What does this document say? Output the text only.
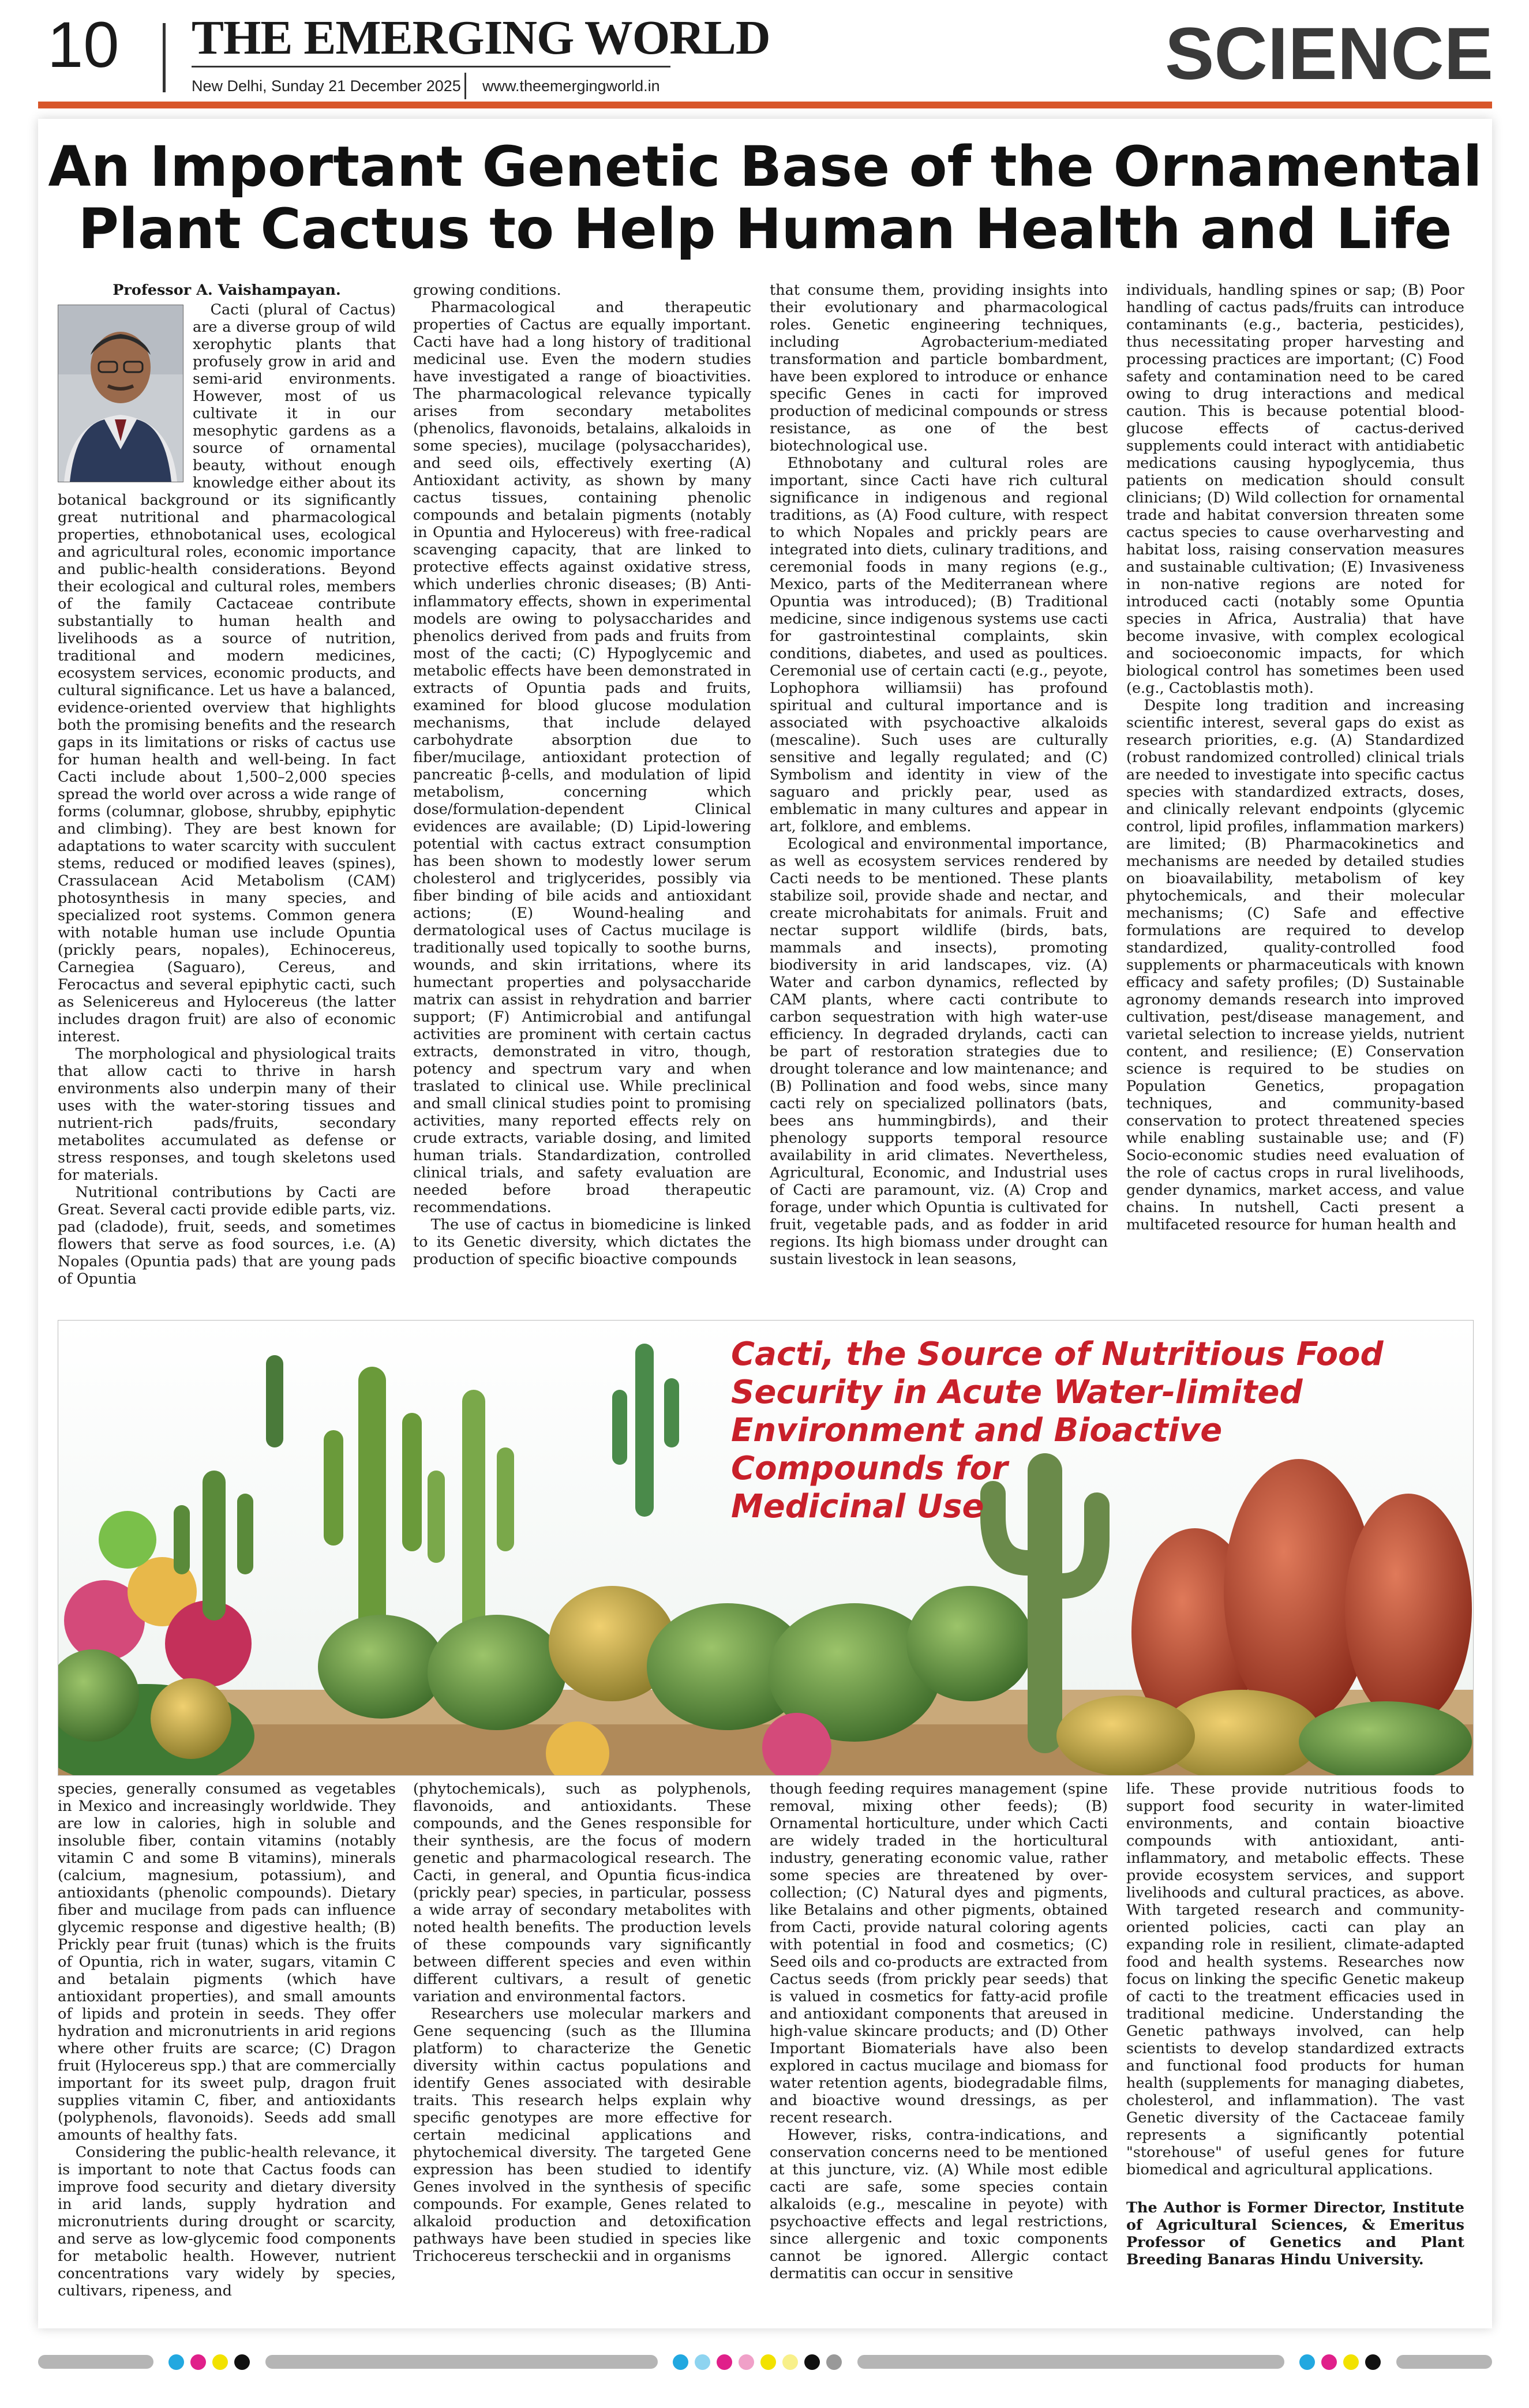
10 THE EMERGING WORLD
New Delhi, Sunday 21 December 2025 www.theemergingworld.in	SCIENCE
An Important Genetic Base of the Ornamental
Plant Cactus to Help Human Health and Life

Professor A. Vaishampayan.

Cacti (plural of Cactus) are a diverse group of wild xerophytic plants that profusely grow in arid and semi-arid environments. However, most of us cultivate it in our mesophytic gardens as a source of ornamental beauty, without enough knowledge either about its botanical background or its significantly great nutritional and pharmacological properties, ethnobotanical uses, ecological and agricultural roles, economic importance and public-health considerations. Beyond their ecological and cultural roles, members of the family Cactaceae contribute substantially to human health and livelihoods as a source of nutrition, traditional and modern medicines, ecosystem services, economic products, and cultural significance. Let us have a balanced, evidence-oriented overview that highlights both the promising benefits and the research gaps in its limitations or risks of cactus use for human health and well-being. In fact Cacti include about 1,500–2,000 species spread the world over across a wide range of forms (columnar, globose, shrubby, epiphytic and climbing). They are best known for adaptations to water scarcity with succulent stems, reduced or modified leaves (spines), Crassulacean Acid Metabolism (CAM) photosynthesis in many species, and specialized root systems. Common genera with notable human use include Opuntia (prickly pears, nopales), Echinocereus, Carnegiea (Saguaro), Cereus, and Ferocactus and several epiphytic cacti, such as Selenicereus and Hylocereus (the latter includes dragon fruit) are also of economic interest.

The morphological and physiological traits that allow cacti to thrive in harsh environments also underpin many of their uses with the water-storing tissues and nutrient-rich pads/fruits, secondary metabolites accumulated as defense or stress responses, and tough skeletons used for materials.

Nutritional contributions by Cacti are Great. Several cacti provide edible parts, viz. pad (cladode), fruit, seeds, and sometimes flowers that serve as food sources, i.e. (A) Nopales (Opuntia pads) that are young pads of Opuntia

growing conditions.

Pharmacological and therapeutic properties of Cactus are equally important. Cacti have had a long history of traditional medicinal use. Even the modern studies have investigated a range of bioactivities. The pharmacological relevance typically arises from secondary metabolites (phenolics, flavonoids, betalains, alkaloids in some species), mucilage (polysaccharides), and seed oils, effectively exerting (A) Antioxidant activity, as shown by many cactus tissues, containing phenolic compounds and betalain pigments (notably in Opuntia and Hylocereus) with free-radical scavenging capacity, that are linked to protective effects against oxidative stress, which underlies chronic diseases; (B) Anti-inflammatory effects, shown in experimental models are owing to polysaccharides and phenolics derived from pads and fruits from most of the cacti; (C) Hypoglycemic and metabolic effects have been demonstrated in extracts of Opuntia pads and fruits, examined for blood glucose modulation mechanisms, that include delayed carbohydrate absorption due to fiber/mucilage, antioxidant protection of pancreatic β-cells, and modulation of lipid metabolism, concerning which dose/formulation-dependent Clinical evidences are available; (D) Lipid-lowering potential with cactus extract consumption has been shown to modestly lower serum cholesterol and triglycerides, possibly via fiber binding of bile acids and antioxidant actions; (E) Wound-healing and dermatological uses of Cactus mucilage is traditionally used topically to soothe burns, wounds, and skin irritations, where its humectant properties and polysaccharide matrix can assist in rehydration and barrier support; (F) Antimicrobial and antifungal activities are prominent with certain cactus extracts, demonstrated in vitro, though, potency and spectrum vary and when traslated to clinical use. While preclinical and small clinical studies point to promising activities, many reported effects rely on crude extracts, variable dosing, and limited human trials. Standardization, controlled clinical trials, and safety evaluation are needed before broad therapeutic recommendations.

The use of cactus in biomedicine is linked to its Genetic diversity, which dictates the production of specific bioactive compounds

that consume them, providing insights into their evolutionary and pharmacological roles. Genetic engineering techniques, including Agrobacterium-mediated transformation and particle bombardment, have been explored to introduce or enhance specific Genes in cacti for improved production of medicinal compounds or stress resistance, as one of the best biotechnological use.

Ethnobotany and cultural roles are important, since Cacti have rich cultural significance in indigenous and regional traditions, as (A) Food culture, with respect to which Nopales and prickly pears are integrated into diets, culinary traditions, and ceremonial foods in many regions (e.g., Mexico, parts of the Mediterranean where Opuntia was introduced); (B) Traditional medicine, since indigenous systems use cacti for gastrointestinal complaints, skin conditions, diabetes, and used as poultices. Ceremonial use of certain cacti (e.g., peyote, Lophophora williamsii) has profound spiritual and cultural importance and is associated with psychoactive alkaloids (mescaline). Such uses are culturally sensitive and legally regulated; and (C) Symbolism and identity in view of the saguaro and prickly pear, used as emblematic in many cultures and appear in art, folklore, and emblems.

Ecological and environmental importance, as well as ecosystem services rendered by Cacti needs to be mentioned. These plants stabilize soil, provide shade and nectar, and create microhabitats for animals. Fruit and nectar support wildlife (birds, bats, mammals and insects), promoting biodiversity in arid landscapes, viz. (A) Water and carbon dynamics, reflected by CAM plants, where cacti contribute to carbon sequestration with high water-use efficiency. In degraded drylands, cacti can be part of restoration strategies due to drought tolerance and low maintenance; and (B) Pollination and food webs, since many cacti rely on specialized pollinators (bats, bees ans hummingbirds), and their phenology supports temporal resource availability in arid climates. Nevertheless, Agricultural, Economic, and Industrial uses of Cacti are paramount, viz. (A) Crop and forage, under which Opuntia is cultivated for fruit, vegetable pads, and as fodder in arid regions. Its high biomass under drought can sustain livestock in lean seasons,

individuals, handling spines or sap; (B) Poor handling of cactus pads/fruits can introduce contaminants (e.g., bacteria, pesticides), thus necessitating proper harvesting and processing practices are important; (C) Food safety and contamination need to be cared owing to drug interactions and medical caution. This is because potential blood-glucose effects of cactus-derived supplements could interact with antidiabetic medications causing hypoglycemia, thus patients on medication should consult clinicians; (D) Wild collection for ornamental trade and habitat conversion threaten some cactus species to cause overharvesting and habitat loss, raising conservation measures and sustainable cultivation; (E) Invasiveness in non-native regions are noted for introduced cacti (notably some Opuntia species in Africa, Australia) that have become invasive, with complex ecological and socioeconomic impacts, for which biological control has sometimes been used (e.g., Cactoblastis moth).

Despite long tradition and increasing scientific interest, several gaps do exist as research priorities, e.g. (A) Standardized (robust randomized controlled) clinical trials are needed to investigate into specific cactus species with standardized extracts, doses, and clinically relevant endpoints (glycemic control, lipid profiles, inflammation markers) are limited; (B) Pharmacokinetics and mechanisms are needed by detailed studies on bioavailability, metabolism of key phytochemicals, and their molecular mechanisms; (C) Safe and effective formulations are required to develop standardized, quality-controlled food supplements or pharmaceuticals with known efficacy and safety profiles; (D) Sustainable agronomy demands research into improved cultivation, pest/disease management, and varietal selection to increase yields, nutrient content, and resilience; (E) Conservation science is required to be studies on Population Genetics, propagation techniques, and community-based conservation to protect threatened species while enabling sustainable use; and (F) Socio-economic studies need evaluation of the role of cactus crops in rural livelihoods, gender dynamics, market access, and value chains. In nutshell, Cacti present a multifaceted resource for human health and

Cacti, the Source of Nutritious Food
Security in Acute Water-limited
Environment and Bioactive
Compounds for
Medicinal Use

species, generally consumed as vegetables in Mexico and increasingly worldwide. They are low in calories, high in soluble and insoluble fiber, contain vitamins (notably vitamin C and some B vitamins), minerals (calcium, magnesium, potassium), and antioxidants (phenolic compounds). Dietary fiber and mucilage from pads can influence glycemic response and digestive health; (B) Prickly pear fruit (tunas) which is the fruits of Opuntia, rich in water, sugars, vitamin C and betalain pigments (which have antioxidant properties), and small amounts of lipids and protein in seeds. They offer hydration and micronutrients in arid regions where other fruits are scarce; (C) Dragon fruit (Hylocereus spp.) that are commercially important for its sweet pulp, dragon fruit supplies vitamin C, fiber, and antioxidants (polyphenols, flavonoids). Seeds add small amounts of healthy fats.

Considering the public-health relevance, it is important to note that Cactus foods can improve food security and dietary diversity in arid lands, supply hydration and micronutrients during drought or scarcity, and serve as low-glycemic food components for metabolic health. However, nutrient concentrations vary widely by species, cultivars, ripeness, and

(phytochemicals), such as polyphenols, flavonoids, and antioxidants. These compounds, and the Genes responsible for their synthesis, are the focus of modern genetic and pharmacological research. The Cacti, in general, and Opuntia ficus-indica (prickly pear) species, in particular, possess a wide array of secondary metabolites with noted health benefits. The production levels of these compounds vary significantly between different species and even within different cultivars, a result of genetic variation and environmental factors.

Researchers use molecular markers and Gene sequencing (such as the Illumina platform) to characterize the Genetic diversity within cactus populations and identify Genes associated with desirable traits. This research helps explain why specific genotypes are more effective for certain medicinal applications and phytochemical diversity. The targeted Gene expression has been studied to identify Genes involved in the synthesis of specific compounds. For example, Genes related to alkaloid production and detoxification pathways have been studied in species like Trichocereus terscheckii and in organisms

though feeding requires management (spine removal, mixing other feeds); (B) Ornamental horticulture, under which Cacti are widely traded in the horticultural industry, generating economic value, rather some species are threatened by over-collection; (C) Natural dyes and pigments, like Betalains and other pigments, obtained from Cacti, provide natural coloring agents with potential in food and cosmetics; (C) Seed oils and co-products are extracted from Cactus seeds (from prickly pear seeds) that is valued in cosmetics for fatty-acid profile and antioxidant components that areused in high-value skincare products; and (D) Other Important Biomaterials have also been explored in cactus mucilage and biomass for water retention agents, biodegradable films, and bioactive wound dressings, as per recent research.

However, risks, contra-indications, and conservation concerns need to be mentioned at this juncture, viz. (A) While most edible cacti are safe, some species contain alkaloids (e.g., mescaline in peyote) with psychoactive effects and legal restrictions, since allergenic and toxic components cannot be ignored. Allergic contact dermatitis can occur in sensitive

life. These provide nutritious foods to support food security in water-limited environments, and contain bioactive compounds with antioxidant, anti-inflammatory, and metabolic effects. These provide ecosystem services, and support livelihoods and cultural practices, as above. With targeted research and community-oriented policies, cacti can play an expanding role in resilient, climate-adapted food and health systems. Researches now focus on linking the specific Genetic makeup of cacti to the treatment efficacies used in traditional medicine. Understanding the Genetic pathways involved, can help scientists to develop standardized extracts and functional food products for human health (supplements for managing diabetes, cholesterol, and inflammation). The vast Genetic diversity of the Cactaceae family represents a significantly potential "storehouse" of useful genes for future biomedical and agricultural applications.

The Author is Former Director, Institute of Agricultural Sciences, & Emeritus Professor of Genetics and Plant Breeding Banaras Hindu University.
